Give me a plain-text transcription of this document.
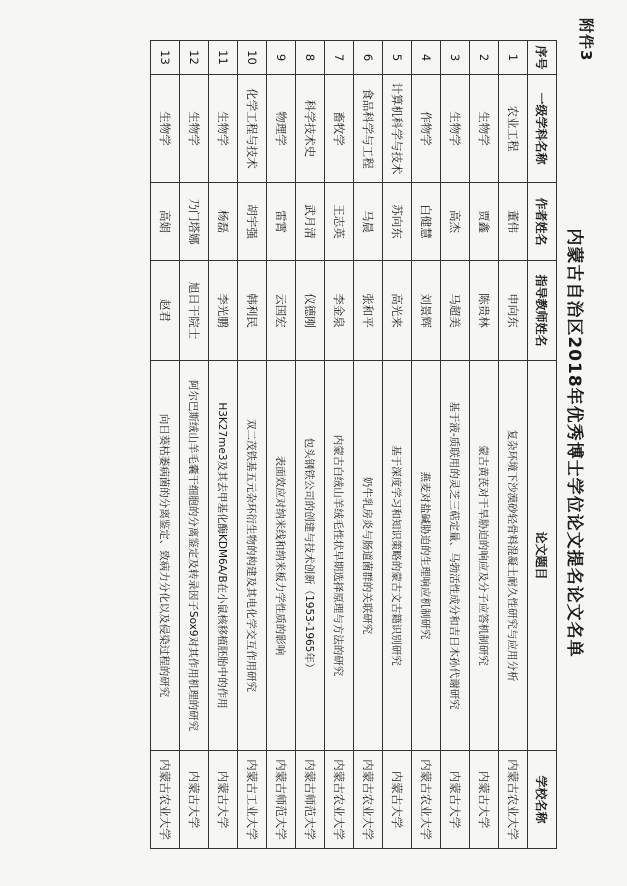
附件3
内蒙古自治区2018年优秀博士学位论文提名论文名单
序号	一级学科名称	作者姓名	指导教师姓名	论文题目	学校名称
1	农业工程	董伟	申向东	复杂环境下沙漠砂轻骨料混凝土耐久性研究与应用分析	内蒙古农业大学
2	生物学	贾鑫	陈贵林	蒙古黄芪对干旱胁迫的响应及分子应答机制研究	内蒙古大学
3	生物学	高杰	马超美	基于液-质联用的灵芝三萜定量、马勃活性成分和吉日木孙代谢研究	内蒙古大学
4	作物学	白健慧	刘景辉	燕麦对盐碱胁迫的生理响应机制研究	内蒙古农业大学
5	计算机科学与技术	苏向东	高光来	基于深度学习和知识策略的蒙古文古籍识别研究	内蒙古大学
6	食品科学与工程	马晨	张和平	奶牛乳房炎与肠道菌群的关联研究	内蒙古农业大学
7	畜牧学	王志英	李金泉	内蒙古白绒山羊绒毛性状早期选择原理与方法的研究	内蒙古农业大学
8	科学技术史	武月清	仪德刚	包头钢铁公司的创建与技术创新（1953-1965年）	内蒙古师范大学
9	物理学	雷霄	云国宏	表面效应对纳米线和纳米板力学性质的影响	内蒙古师范大学
10	化学工程与技术	胡宇强	韩利民	双二茂铁基五元杂环衍生物的构建及其电化学交互作用研究	内蒙古工业大学
11	生物学	杨磊	李光鹏	H3K27me3及其去甲基化酶KDM6A/B在小鼠核移植胚胎中的作用	内蒙古大学
12	生物学	乃门塔娜	旭日干院士	阿尔巴斯绒山羊毛囊干细胞的分离鉴定及转录因子Sox9对其作用机理的研究	内蒙古大学
13	生物学	高娟	赵君	向日葵枯萎病菌的分离鉴定、致病力分化以及侵染过程的研究	内蒙古农业大学
